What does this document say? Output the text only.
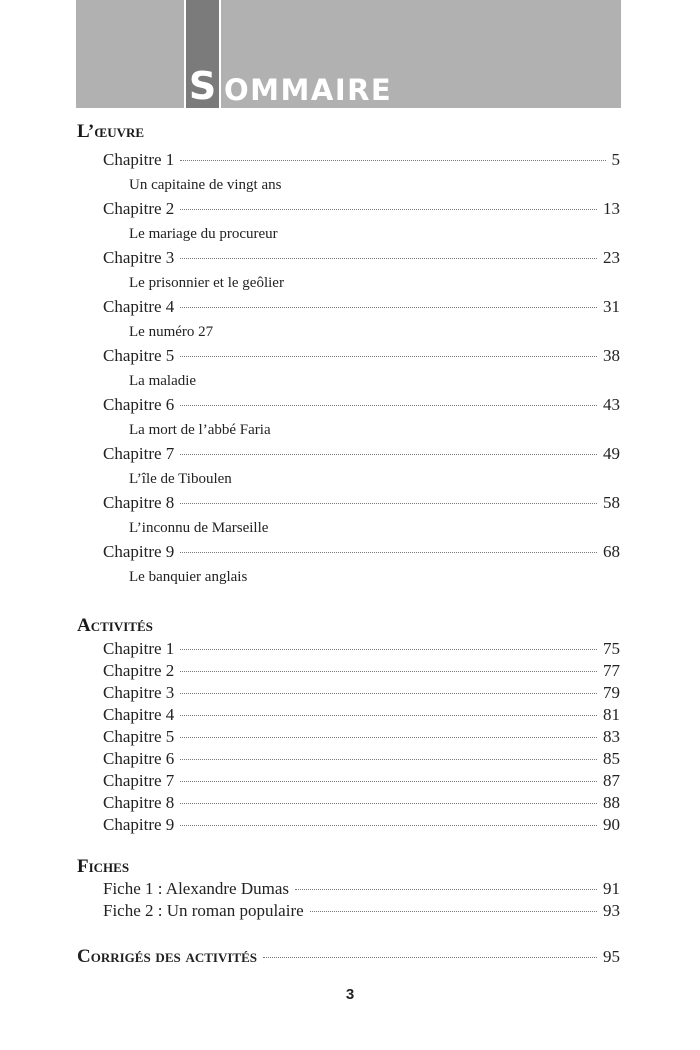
S OMMAIRE
L’œuvre
Chapitre 1	5
Un capitaine de vingt ans
Chapitre 2	13
Le mariage du procureur
Chapitre 3	23
Le prisonnier et le geôlier
Chapitre 4	31
Le numéro 27
Chapitre 5	38
La maladie
Chapitre 6	43
La mort de l’abbé Faria
Chapitre 7	49
L’île de Tiboulen
Chapitre 8	58
L’inconnu de Marseille
Chapitre 9	68
Le banquier anglais
Activités
Chapitre 1	75
Chapitre 2	77
Chapitre 3	79
Chapitre 4	81
Chapitre 5	83
Chapitre 6	85
Chapitre 7	87
Chapitre 8	88
Chapitre 9	90
Fiches
Fiche 1 : Alexandre Dumas	91
Fiche 2 : Un roman populaire	93
Corrigés des activités	95
3
